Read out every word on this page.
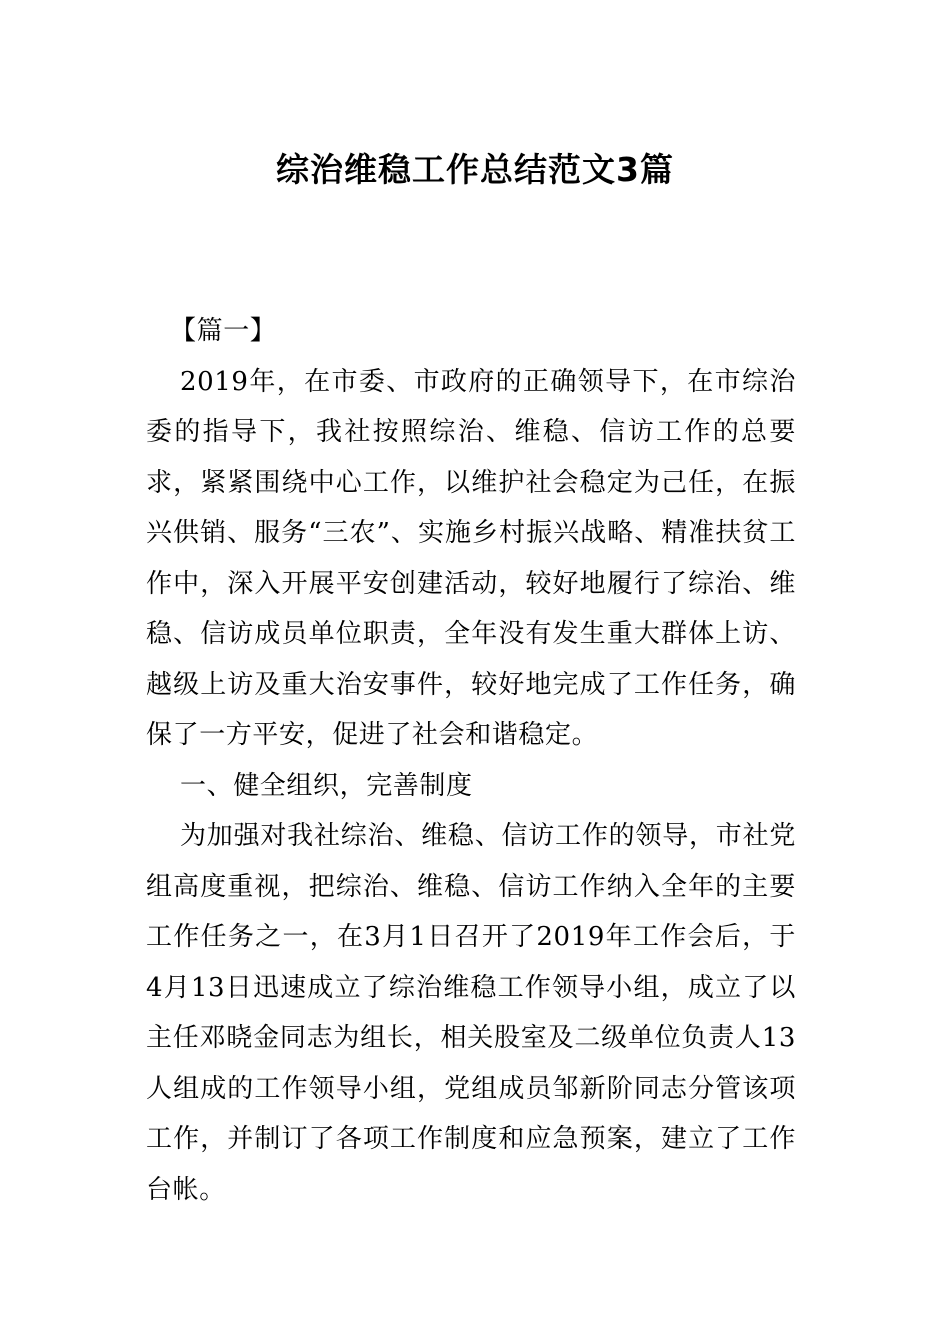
综治维稳工作总结范文3篇

【篇一】

2019年，在市委、市政府的正确领导下，在市综治委的指导下，我社按照综治、维稳、信访工作的总要求，紧紧围绕中心工作，以维护社会稳定为己任，在振兴供销、服务“三农”、实施乡村振兴战略、精准扶贫工作中，深入开展平安创建活动，较好地履行了综治、维稳、信访成员单位职责，全年没有发生重大群体上访、越级上访及重大治安事件，较好地完成了工作任务，确保了一方平安，促进了社会和谐稳定。

一、健全组织，完善制度

为加强对我社综治、维稳、信访工作的领导，市社党组高度重视，把综治、维稳、信访工作纳入全年的主要工作任务之一，在3月1日召开了2019年工作会后，于4月13日迅速成立了综治维稳工作领导小组，成立了以主任邓晓金同志为组长，相关股室及二级单位负责人13人组成的工作领导小组，党组成员邹新阶同志分管该项工作，并制订了各项工作制度和应急预案，建立了工作台帐。
